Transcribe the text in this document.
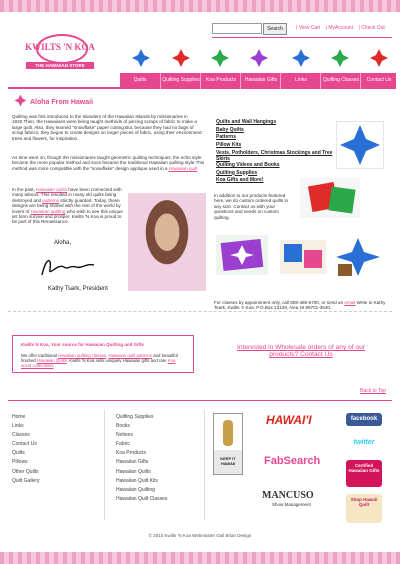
KWILTS 'N KOA
THE HAWAIIAN STORE
Search	| View Cart | MyAccount | Check Out
Quilts	Quilting Supplies	Koa Products	Hawaiian Gifts	Links	Quilting Classes	Contact Us
Aloha From Hawaii
Quilting was first introduced to the Islanders of the Hawaiian Islands by missionaries in 1820.Then, the Hawaiians were being taught methods of piecing scraps of fabric to make a large quilt. Also, they learned "snowflake" paper cutting.But, because they had no bags of scrap fabrics, they began to create designs on larger pieces of fabric, using their environment: trees and flowers, for inspiration.
As time went on, though the missionaries taught geometric quilting techniques, the echo style became the more popular method and soon became the traditional Hawaiian quilting style.This method was more compatible with the "snowflake" design applique used in a Hawaiian quilt
In the past, Hawaiian quilts have been connected with many taboos. This resulted in many old quilts being destroyed and patterns strictly guarded. Today, these designs are being shared with the rest of the world by lovers of Hawaiian quilting who wish to see this unique art form survive and prosper. Kwilts 'N Koa is proud to be part of this Renaissance.
Aloha,
Kathy Tsark, President
Quilts and Wall Hangings
Baby Quilts
Patterns
Pillow Kits
Vests, Potholders, Christmas Stockings and Tree Skirts
Quilting Videos and Books
Quilting Supplies
Koa Gifts and More!
In addition to our products featured here, we do custom ordered quilts in any size. Contact us with your questions and needs on custom quilting.
For classes by appointment only, call 808-486-6700, or send an email Write to Kathy Tsark, Kwilts 'n Koa. P.O.Box 13139, Aiea HI 96701-3540.
Kwilts N Koa, Your source for Hawaiian Quilting and Gifts
We offer traditional Hawaiian quilting classes, Hawaiian quilt patterns and beautiful finished Hawaiian Quilts. Kwilts 'N Koa sells uniquely Hawaiian gifts and rare Koa wood collectibles
Interested in Wholesale orders of any of our products? Contact Us
Back to Top
Home
Links
Classes
Contact Us
Quilts
Pillows
Other Quilts
Quilt Gallery
Quilting Supplies
Books
Notions
Fabric
Koa Products
Hawaiian Gifts
Hawaiian Quilts
Hawaiian Quilt Kits
Hawaiian Quilting
Hawaiian Quilt Classes
KEEP IT HAWAII
HAWAI'I
FabSearch
MANCUSO
Show Management
facebook
twitter
Certified Hawaiian Gifts
Shop Hawaii Quilt
© 2010 Kwilts 'N Koa Webmaster Gail Brian Design
